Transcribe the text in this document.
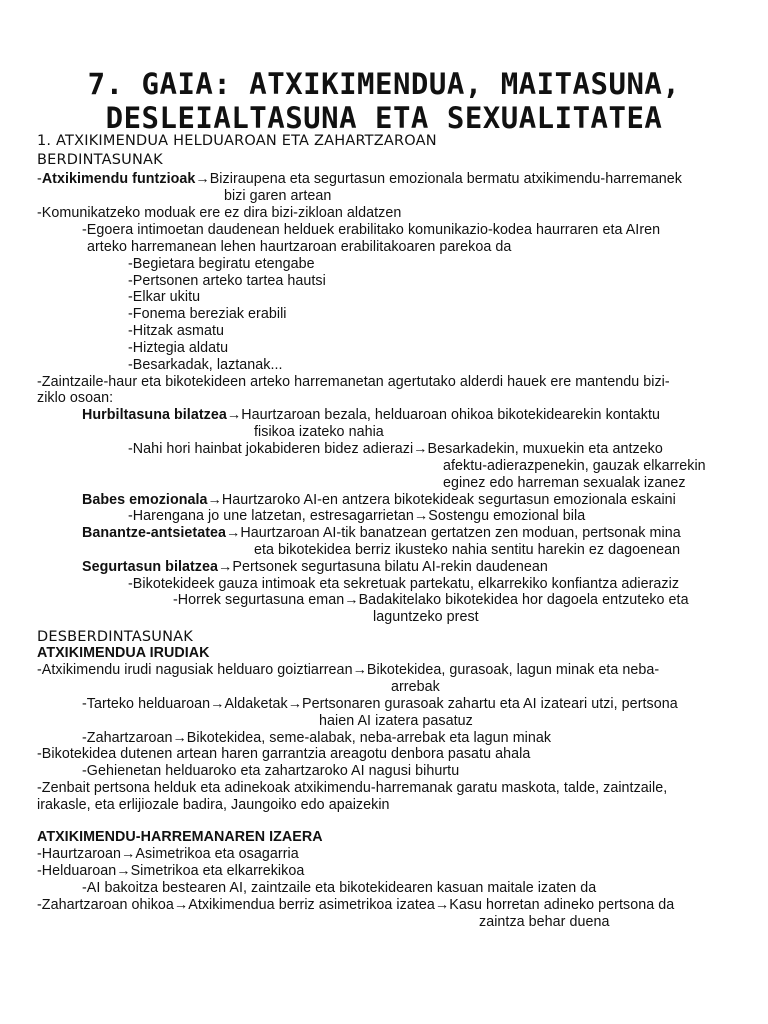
7. GAIA: ATXIKIMENDUA, MAITASUNA,
DESLEIALTASUNA ETA SEXUALITATEA
1. ATXIKIMENDUA HELDUAROAN ETA ZAHARTZAROAN
BERDINTASUNAK
-Atxikimendu funtzioak→Biziraupena eta segurtasun emozionala bermatu atxikimendu-harremanek
bizi garen artean
-Komunikatzeko moduak ere ez dira bizi-zikloan aldatzen
-Egoera intimoetan daudenean helduek erabilitako komunikazio-kodea haurraren eta AIren
arteko harremanean lehen haurtzaroan erabilitakoaren parekoa da
-Begietara begiratu etengabe
-Pertsonen arteko tartea hautsi
-Elkar ukitu
-Fonema bereziak erabili
-Hitzak asmatu
-Hiztegia aldatu
-Besarkadak, laztanak...
-Zaintzaile-haur eta bikotekideen arteko harremanetan agertutako alderdi hauek ere mantendu bizi-
ziklo osoan:
Hurbiltasuna bilatzea→Haurtzaroan bezala, helduaroan ohikoa bikotekidearekin kontaktu
fisikoa izateko nahia
-Nahi hori hainbat jokabideren bidez adierazi→Besarkadekin, muxuekin eta antzeko
afektu-adierazpenekin, gauzak elkarrekin
eginez edo harreman sexualak izanez
Babes emozionala→Haurtzaroko AI-en antzera bikotekideak segurtasun emozionala eskaini
-Harengana jo une latzetan, estresagarrietan→Sostengu emozional bila
Banantze-antsietatea→Haurtzaroan AI-tik banatzean gertatzen zen moduan, pertsonak mina
eta bikotekidea berriz ikusteko nahia sentitu harekin ez dagoenean
Segurtasun bilatzea→Pertsonek segurtasuna bilatu AI-rekin daudenean
-Bikotekideek gauza intimoak eta sekretuak partekatu, elkarrekiko konfiantza adieraziz
-Horrek segurtasuna eman→Badakitelako bikotekidea hor dagoela entzuteko eta
laguntzeko prest
DESBERDINTASUNAK
ATXIKIMENDUA IRUDIAK
-Atxikimendu irudi nagusiak helduaro goiztiarrean→Bikotekidea, gurasoak, lagun minak eta neba-
arrebak
-Tarteko helduaroan→Aldaketak→Pertsonaren gurasoak zahartu eta AI izateari utzi, pertsona
haien AI izatera pasatuz
-Zahartzaroan→Bikotekidea, seme-alabak, neba-arrebak eta lagun minak
-Bikotekidea dutenen artean haren garrantzia areagotu denbora pasatu ahala
-Gehienetan helduaroko eta zahartzaroko AI nagusi bihurtu
-Zenbait pertsona helduk eta adinekoak atxikimendu-harremanak garatu maskota, talde, zaintzaile,
irakasle, eta erlijiozale badira, Jaungoiko edo apaizekin
ATXIKIMENDU-HARREMANAREN IZAERA
-Haurtzaroan→Asimetrikoa eta osagarria
-Helduaroan→Simetrikoa eta elkarrekikoa
-AI bakoitza bestearen AI, zaintzaile eta bikotekidearen kasuan maitale izaten da
-Zahartzaroan ohikoa→Atxikimendua berriz asimetrikoa izatea→Kasu horretan adineko pertsona da
zaintza behar duena
